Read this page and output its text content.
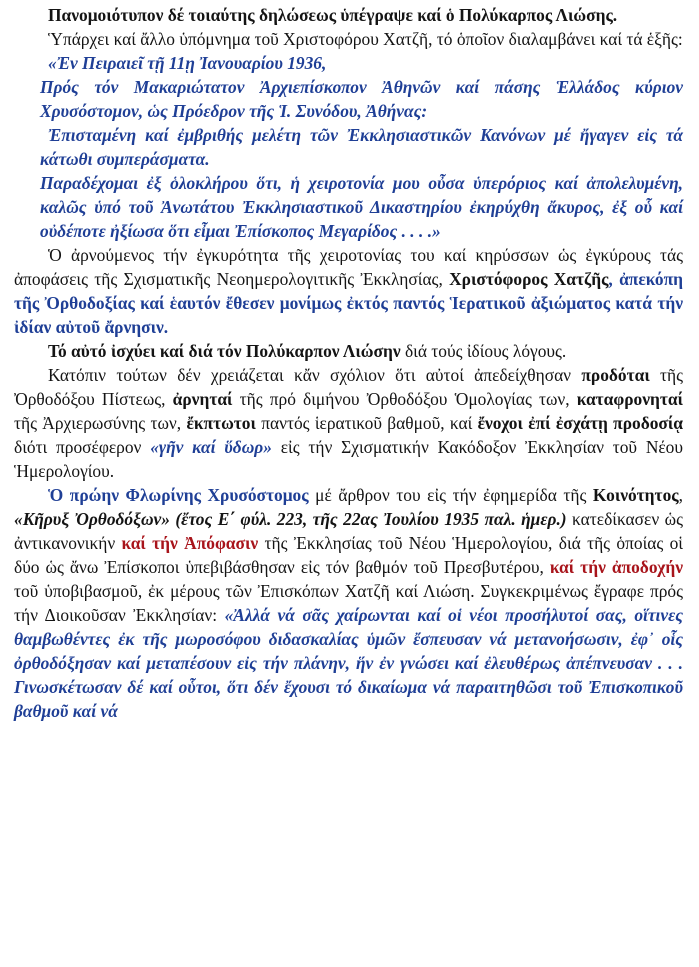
Πανομοιότυπον δέ τοιαύτης δηλώσεως ὑπέγραψε καί ὁ Πολύκαρπος Λιώσης.

Ὑπάρχει καί ἄλλο ὑπόμνημα τοῦ Χριστοφόρου Χατζῆ, τό ὁποῖον διαλαμβάνει καί τά ἑξῆς:

«Ἐν Πειραιεῖ τῇ 11ῃ Ἰανουαρίου 1936,

Πρός τόν Μακαριώτατον Ἀρχιεπίσκοπον Ἀθηνῶν καί πάσης Ἑλλάδος κύριον Χρυσόστομον, ὡς Πρόεδρον τῆς Ἱ. Συνόδου, Ἀθήνας:

Ἐπισταμένη καί ἐμβριθής μελέτη τῶν Ἐκκλησιαστικῶν Κανόνων μέ ἤγαγεν εἰς τά κάτωθι συμπεράσματα.

Παραδέχομαι ἐξ ὁλοκλήρου ὅτι, ἡ χειροτονία μου οὖσα ὑπερόριος καί ἀπολελυμένη, καλῶς ὑπό τοῦ Ἀνωτάτου Ἐκκλησιαστικοῦ Δικαστηρίου ἐκηρύχθη ἄκυρος, ἐξ οὗ καί οὐδέποτε ἠξίωσα ὅτι εἶμαι Ἐπίσκοπος Μεγαρίδος . . . .»

Ὁ ἀρνούμενος τήν ἐγκυρότητα τῆς χειροτονίας του καί κηρύσσων ὡς ἐγκύρους τάς ἀποφάσεις τῆς Σχισματικῆς Νεοημερολογιτικῆς Ἐκκλησίας, Χριστόφορος Χατζῆς, ἀπεκόπη τῆς Ὀρθοδοξίας καί ἑαυτόν ἔθεσεν μονίμως ἐκτός παντός Ἱερατικοῦ ἀξιώματος κατά τήν ἰδίαν αὐτοῦ ἄρνησιν.

Τό αὐτό ἰσχύει καί διά τόν Πολύκαρπον Λιώσην διά τούς ἰδίους λόγους.

Κατόπιν τούτων δέν χρειάζεται κἄν σχόλιον ὅτι αὐτοί ἀπεδείχθησαν προδόται τῆς Ὀρθοδόξου Πίστεως, ἀρνηταί τῆς πρό διμήνου Ὀρθοδόξου Ὁμολογίας των, καταφρονηταί τῆς Ἀρχιερωσύνης των, ἔκπτωτοι παντός ἱερατικοῦ βαθμοῦ, καί ἔνοχοι ἐπί ἐσχάτῃ προδοσίᾳ διότι προσέφερον «γῆν καί ὕδωρ» εἰς τήν Σχισματικήν Κακόδοξον Ἐκκλησίαν τοῦ Νέου Ἡμερολογίου.

Ὁ πρώην Φλωρίνης Χρυσόστομος μέ ἄρθρον του εἰς τήν ἐφημερίδα τῆς Κοινότητος, «Κῆρυξ Ὀρθοδόξων» (ἔτος Ε΄ φύλ. 223, τῆς 22ας Ἰουλίου 1935 παλ. ἡμερ.) κατεδίκασεν ὡς ἀντικανονικήν καί τήν Ἀπόφασιν τῆς Ἐκκλησίας τοῦ Νέου Ἡμερολογίου, διά τῆς ὁποίας οἱ δύο ὡς ἄνω Ἐπίσκοποι ὑπεβιβάσθησαν εἰς τόν βαθμόν τοῦ Πρεσβυτέρου, καί τήν ἀποδοχήν τοῦ ὑποβιβασμοῦ, ἐκ μέρους τῶν Ἐπισκόπων Χατζῆ καί Λιώση. Συγκεκριμένως ἔγραφε πρός τήν Διοικοῦσαν Ἐκκλησίαν: «Ἀλλά νά σᾶς χαίρωνται καί οἱ νέοι προσήλυτοί σας, οἵτινες θαμβωθέντες ἐκ τῆς μωροσόφου διδασκαλίας ὑμῶν ἔσπευσαν νά μετανοήσωσιν, ἐφ᾽ οἷς ὀρθοδόξησαν καί μεταπέσουν εἰς τήν πλάνην, ἥν ἐν γνώσει καί ἐλευθέρως ἀπέπνευσαν . . . Γινωσκέτωσαν δέ καί οὗτοι, ὅτι δέν ἔχουσι τό δικαίωμα νά παραιτηθῶσι τοῦ Ἐπισκοπικοῦ βαθμοῦ καί νά
